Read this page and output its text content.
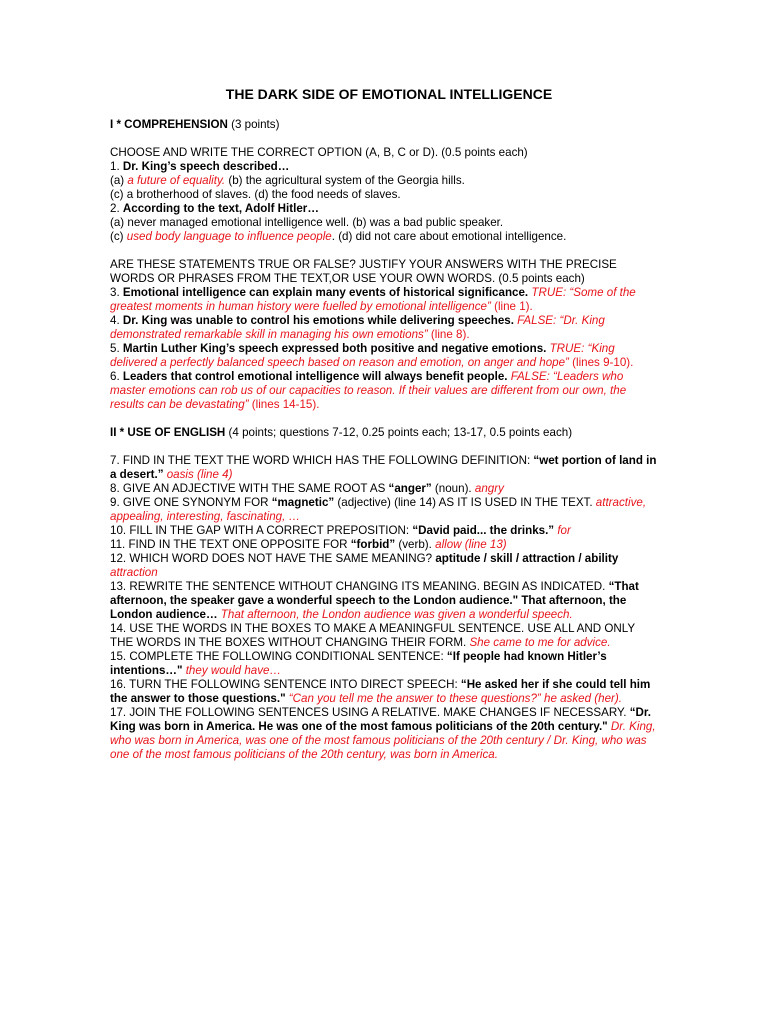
THE DARK SIDE OF EMOTIONAL INTELLIGENCE

I * COMPREHENSION (3 points)

CHOOSE AND WRITE THE CORRECT OPTION (A, B, C or D). (0.5 points each)

1. Dr. King’s speech described…

(a) a future of equality. (b) the agricultural system of the Georgia hills.

(c) a brotherhood of slaves. (d) the food needs of slaves.

2. According to the text, Adolf Hitler…

(a) never managed emotional intelligence well. (b) was a bad public speaker.

(c) used body language to influence people. (d) did not care about emotional intelligence.

ARE THESE STATEMENTS TRUE OR FALSE? JUSTIFY YOUR ANSWERS WITH THE PRECISE WORDS OR PHRASES FROM THE TEXT,OR USE YOUR OWN WORDS. (0.5 points each)

3. Emotional intelligence can explain many events of historical significance. TRUE: “Some of the greatest moments in human history were fuelled by emotional intelligence” (line 1).

4. Dr. King was unable to control his emotions while delivering speeches. FALSE: “Dr. King demonstrated remarkable skill in managing his own emotions” (line 8).

5. Martin Luther King’s speech expressed both positive and negative emotions. TRUE: “King delivered a perfectly balanced speech based on reason and emotion, on anger and hope” (lines 9-10).

6. Leaders that control emotional intelligence will always benefit people. FALSE: “Leaders who master emotions can rob us of our capacities to reason. If their values are different from our own, the results can be devastating” (lines 14-15).

II * USE OF ENGLISH (4 points; questions 7-12, 0.25 points each; 13-17, 0.5 points each)

7. FIND IN THE TEXT THE WORD WHICH HAS THE FOLLOWING DEFINITION: “wet portion of land in a desert.” oasis (line 4)

8. GIVE AN ADJECTIVE WITH THE SAME ROOT AS “anger” (noun). angry

9. GIVE ONE SYNONYM FOR “magnetic” (adjective) (line 14) AS IT IS USED IN THE TEXT. attractive, appealing, interesting, fascinating, …

10. FILL IN THE GAP WITH A CORRECT PREPOSITION: “David paid... the drinks.” for

11. FIND IN THE TEXT ONE OPPOSITE FOR “forbid” (verb). allow (line 13)

12. WHICH WORD DOES NOT HAVE THE SAME MEANING? aptitude / skill / attraction / ability attraction

13. REWRITE THE SENTENCE WITHOUT CHANGING ITS MEANING. BEGIN AS INDICATED. “That afternoon, the speaker gave a wonderful speech to the London audience." That afternoon, the London audience… That afternoon, the London audience was given a wonderful speech.

14. USE THE WORDS IN THE BOXES TO MAKE A MEANINGFUL SENTENCE. USE ALL AND ONLY THE WORDS IN THE BOXES WITHOUT CHANGING THEIR FORM. She came to me for advice.

15. COMPLETE THE FOLLOWING CONDITIONAL SENTENCE: “If people had known Hitler’s intentions…" they would have…

16. TURN THE FOLLOWING SENTENCE INTO DIRECT SPEECH: “He asked her if she could tell him the answer to those questions." “Can you tell me the answer to these questions?” he asked (her).

17. JOIN THE FOLLOWING SENTENCES USING A RELATIVE. MAKE CHANGES IF NECESSARY. “Dr. King was born in America. He was one of the most famous politicians of the 20th century." Dr. King, who was born in America, was one of the most famous politicians of the 20th century / Dr. King, who was one of the most famous politicians of the 20th century, was born in America.
